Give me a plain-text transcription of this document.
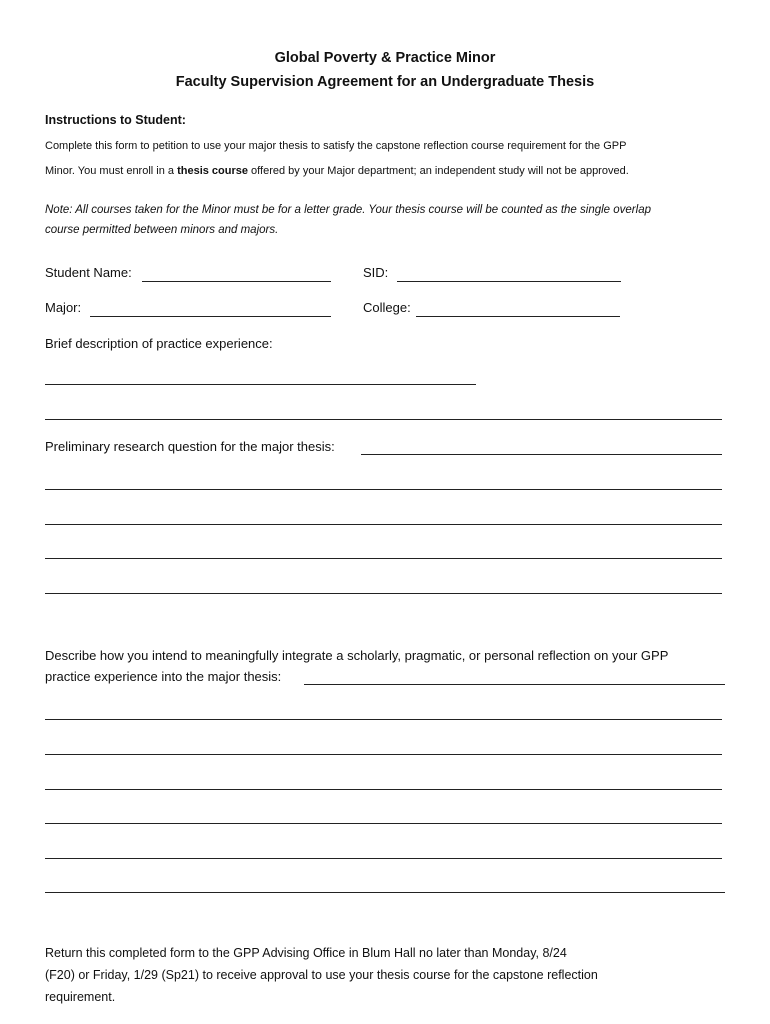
Global Poverty & Practice Minor
Faculty Supervision Agreement for an Undergraduate Thesis
Instructions to Student:
Complete this form to petition to use your major thesis to satisfy the capstone reflection course requirement for the GPP
Minor. You must enroll in a thesis course offered by your Major department; an independent study will not be approved.
Note: All courses taken for the Minor must be for a letter grade. Your thesis course will be counted as the single overlap
course permitted between minors and majors.
Student Name:	SID:
Major:	College:
Brief description of practice experience:
Preliminary research question for the major thesis:
Describe how you intend to meaningfully integrate a scholarly, pragmatic, or personal reflection on your GPP
practice experience into the major thesis:
Return this completed form to the GPP Advising Office in Blum Hall no later than Monday, 8/24
(F20) or Friday, 1/29 (Sp21) to receive approval to use your thesis course for the capstone reflection
requirement.
